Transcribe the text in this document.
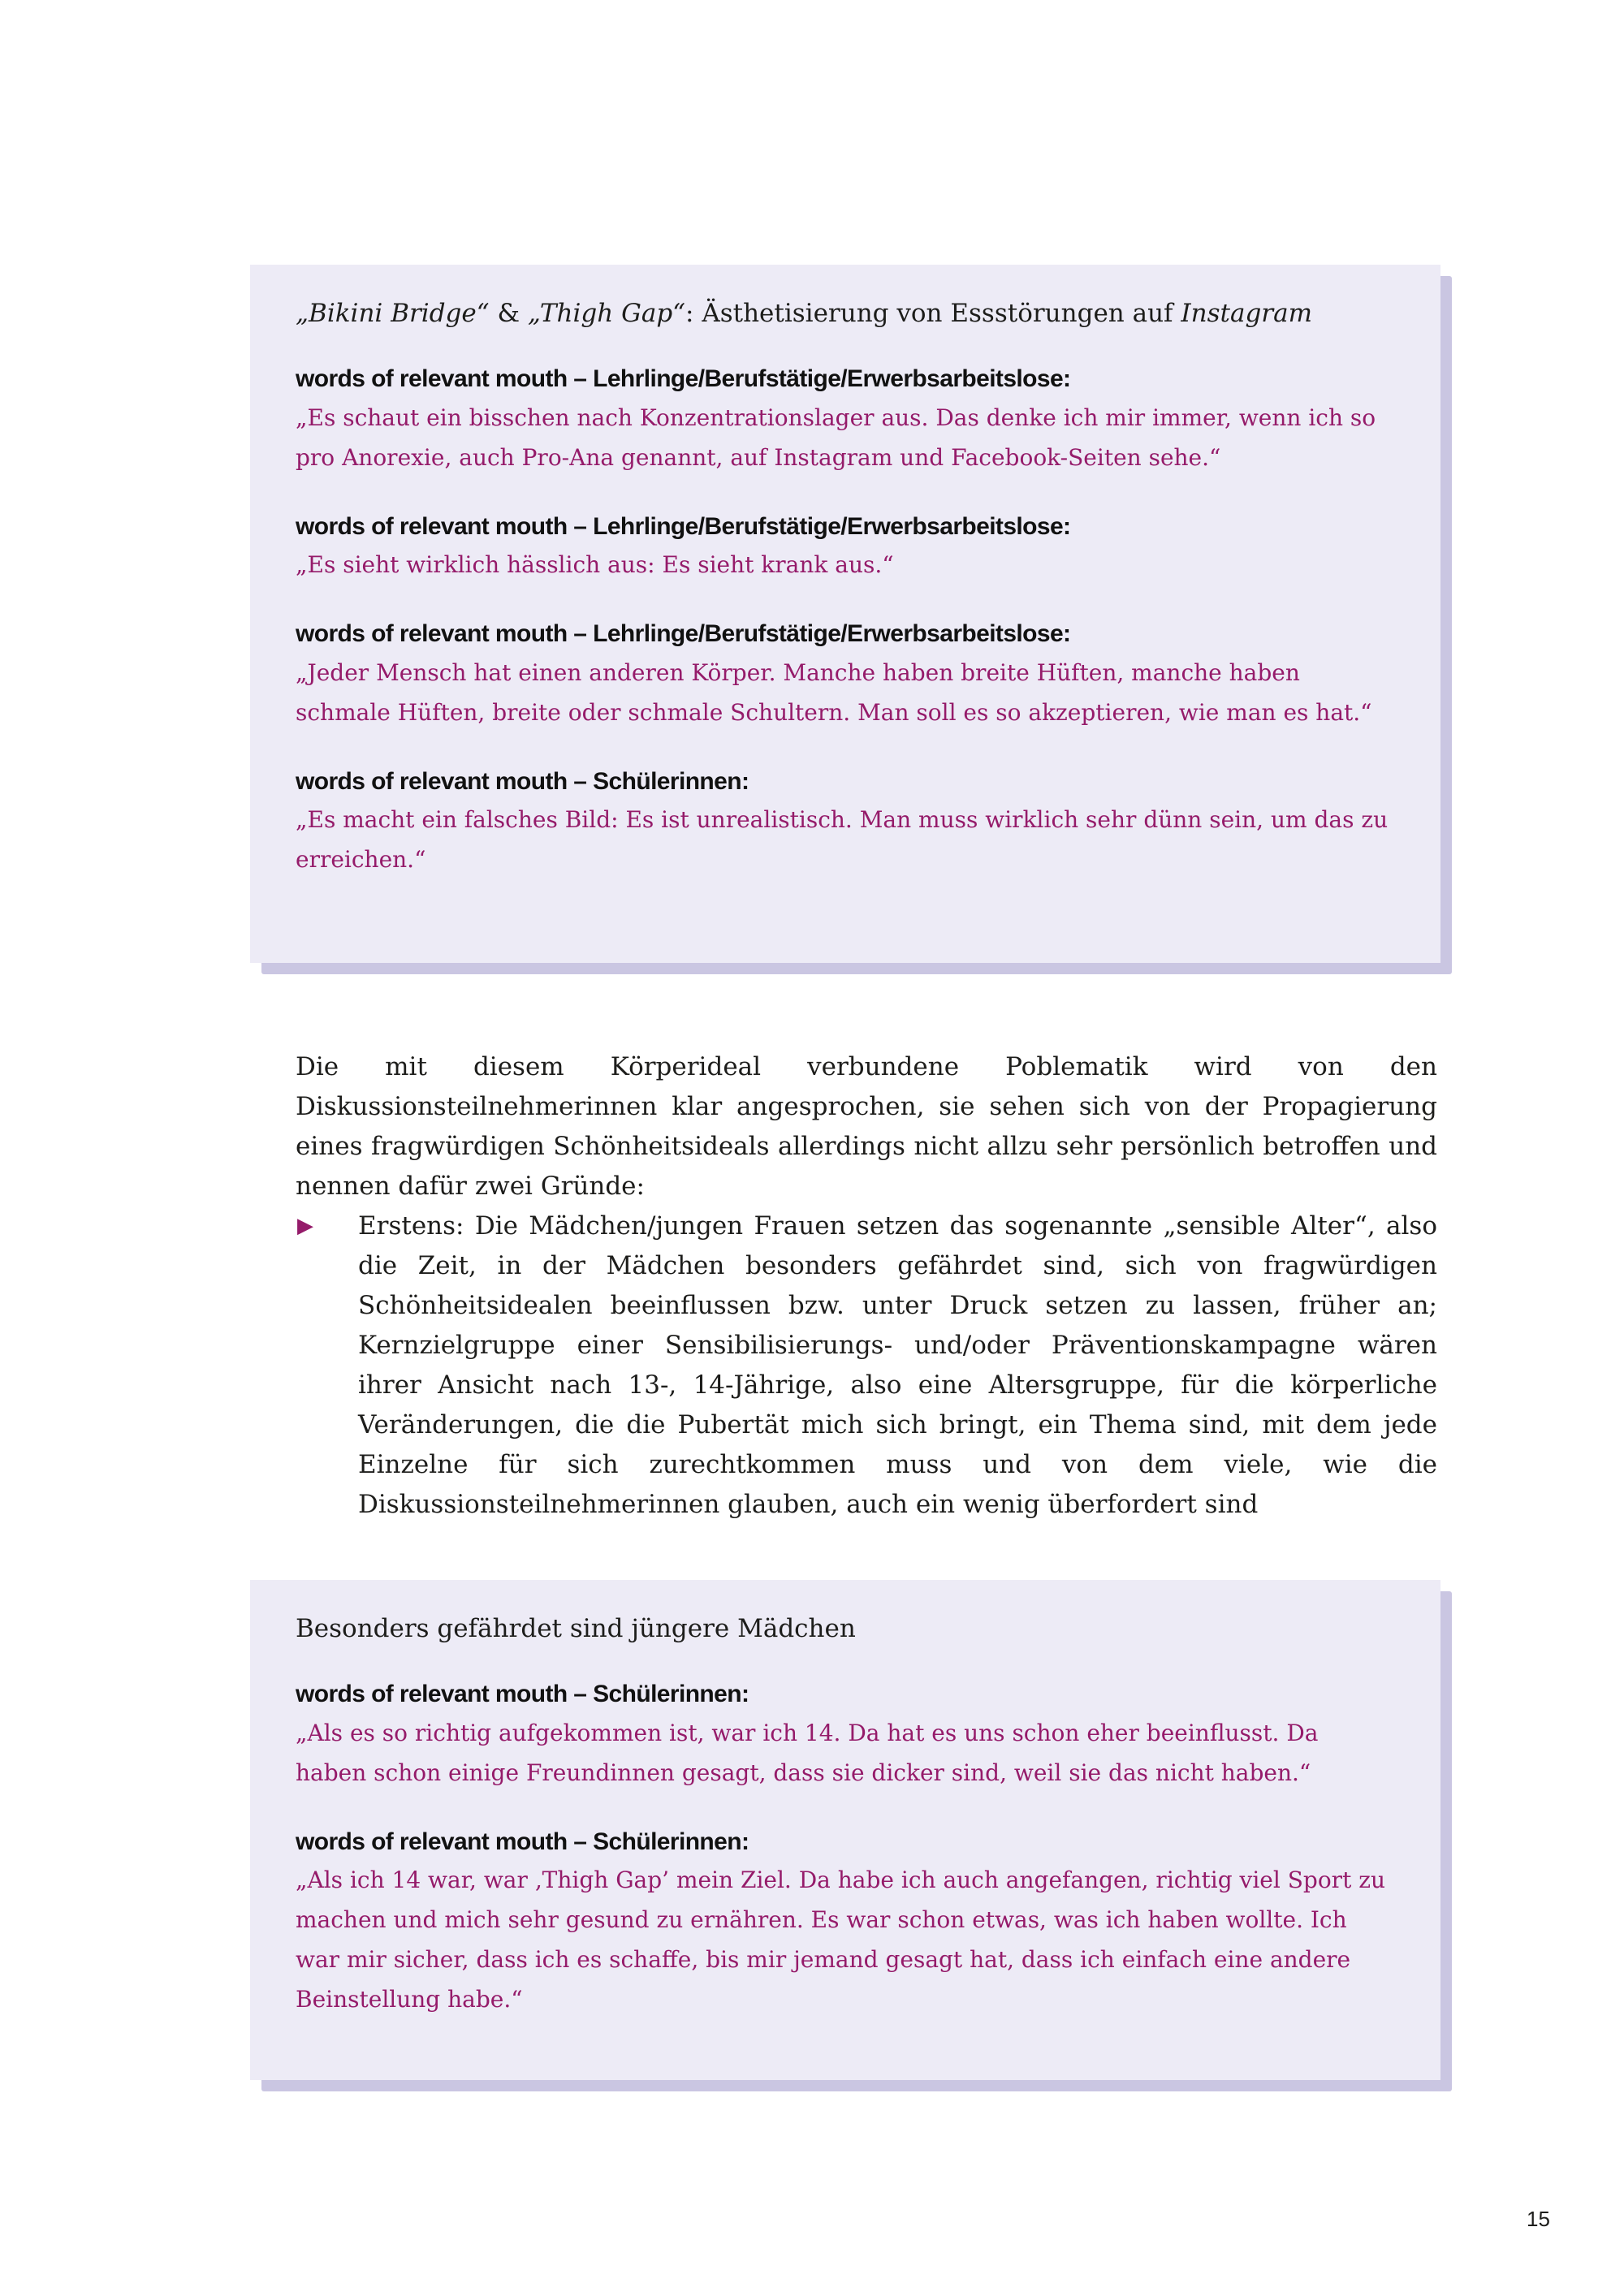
„Bikini Bridge“ & „Thigh Gap“: Ästhetisierung von Essstörungen auf Instagram
words of relevant mouth – Lehrlinge/Berufstätige/Erwerbsarbeitslose:

„Es schaut ein bisschen nach Konzentrationslager aus. Das denke ich mir immer, wenn ich so pro Anorexie, auch Pro-Ana genannt, auf Instagram und Facebook-Seiten sehe.“

words of relevant mouth – Lehrlinge/Berufstätige/Erwerbsarbeitslose:

„Es sieht wirklich hässlich aus: Es sieht krank aus.“

words of relevant mouth – Lehrlinge/Berufstätige/Erwerbsarbeitslose:

„Jeder Mensch hat einen anderen Körper. Manche haben breite Hüften, manche haben schmale Hüften, breite oder schmale Schultern. Man soll es so akzeptieren, wie man es hat.“

words of relevant mouth – Schülerinnen:

„Es macht ein falsches Bild: Es ist unrealistisch. Man muss wirklich sehr dünn sein, um das zu erreichen.“

Die mit diesem Körperideal verbundene Poblematik wird von den Diskussionsteilnehmerinnen klar angesprochen, sie sehen sich von der Propagierung eines fragwürdigen Schönheitsideals allerdings nicht allzu sehr persönlich betroffen und nennen dafür zwei Gründe:

▶ Erstens: Die Mädchen/jungen Frauen setzen das sogenannte „sensible Alter“, also die Zeit, in der Mädchen besonders gefährdet sind, sich von fragwürdigen Schönheitsidealen beeinflussen bzw. unter Druck setzen zu lassen, früher an; Kernzielgruppe einer Sensibilisierungs- und/oder Präventionskampagne wären ihrer Ansicht nach 13-, 14-Jährige, also eine Altersgruppe, für die körperliche Veränderungen, die die Pubertät mich sich bringt, ein Thema sind, mit dem jede Einzelne für sich zurechtkommen muss und von dem viele, wie die Diskussionsteilnehmerinnen glauben, auch ein wenig überfordert sind
Besonders gefährdet sind jüngere Mädchen
words of relevant mouth – Schülerinnen:

„Als es so richtig aufgekommen ist, war ich 14. Da hat es uns schon eher beeinflusst. Da haben schon einige Freundinnen gesagt, dass sie dicker sind, weil sie das nicht haben.“

words of relevant mouth – Schülerinnen:

„Als ich 14 war, war ‚Thigh Gap’ mein Ziel. Da habe ich auch angefangen, richtig viel Sport zu machen und mich sehr gesund zu ernähren. Es war schon etwas, was ich haben wollte. Ich war mir sicher, dass ich es schaffe, bis mir jemand gesagt hat, dass ich einfach eine andere Beinstellung habe.“

15
